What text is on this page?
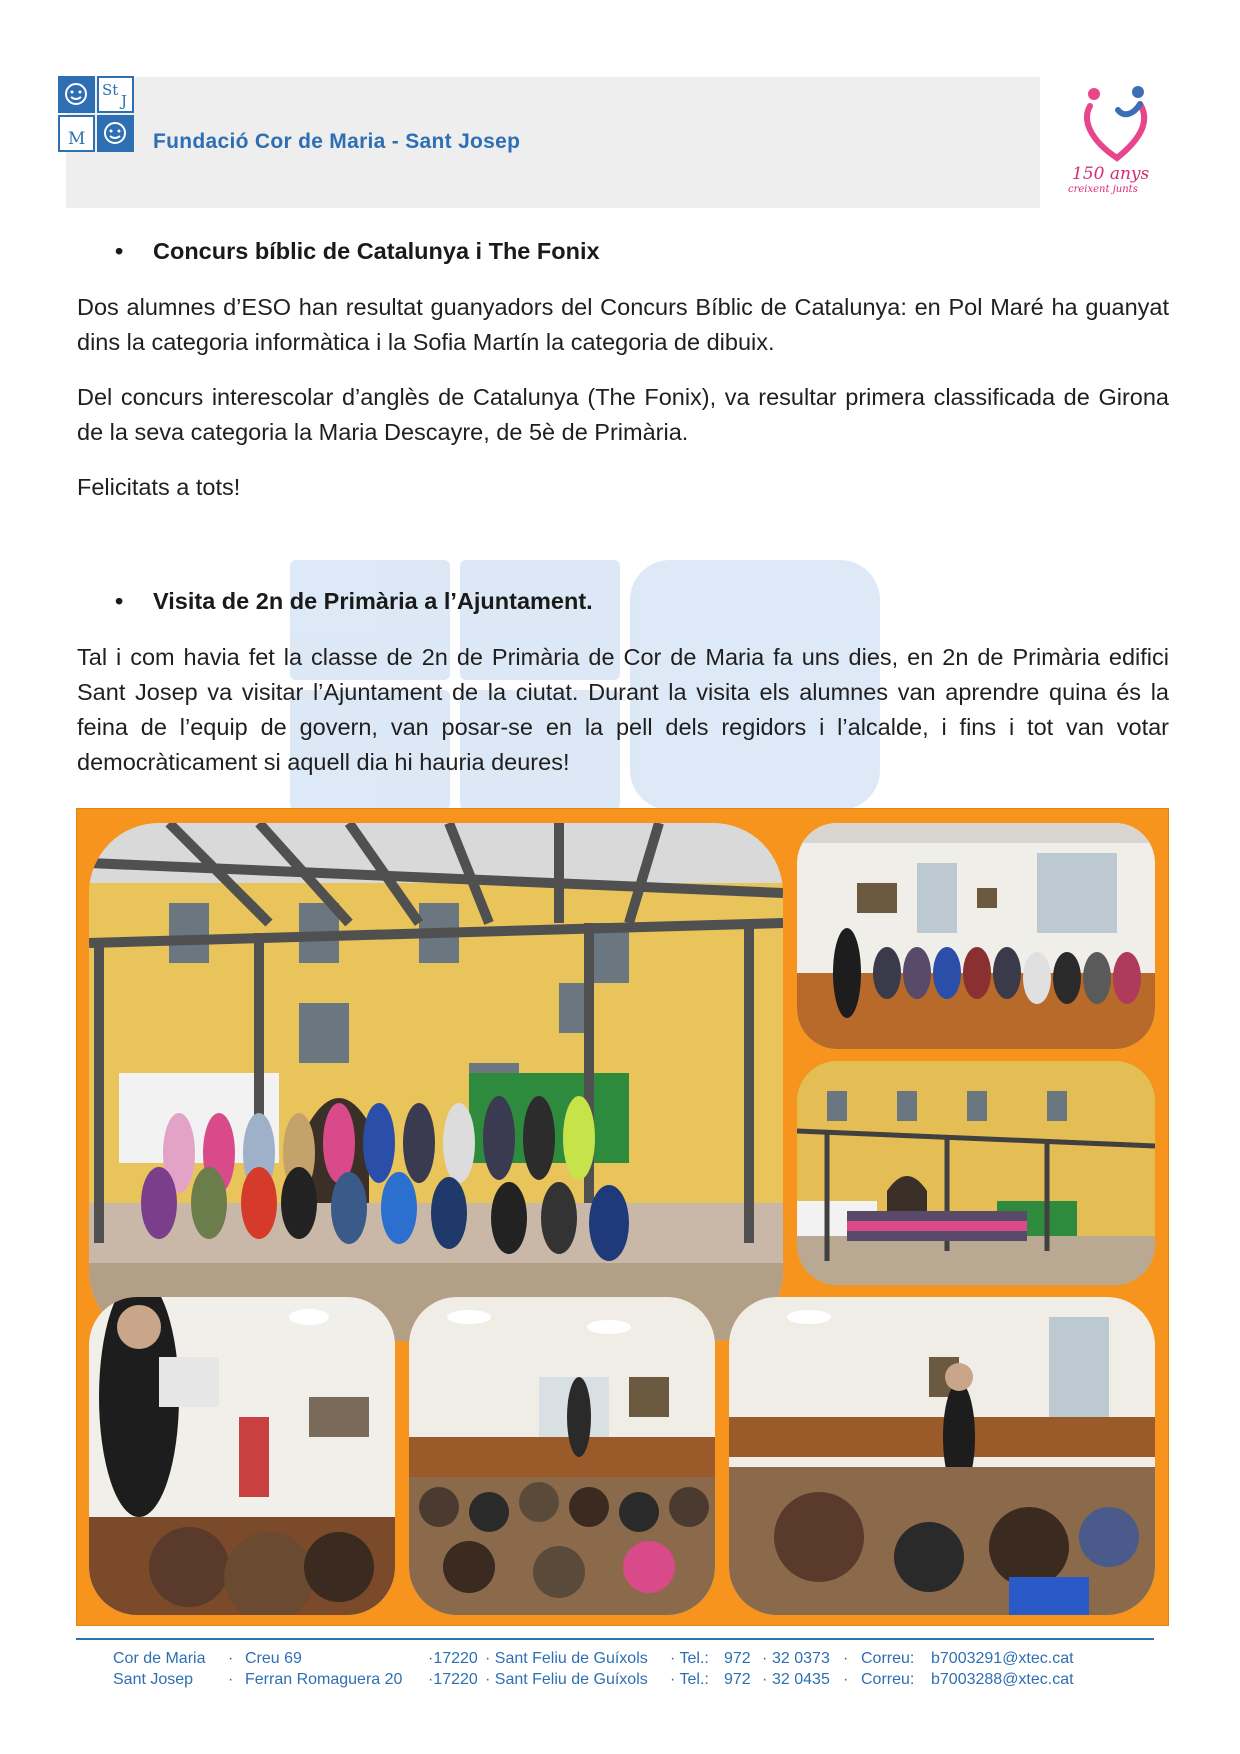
St
J
M	Fundació Cor de Maria - Sant Josep
150 anys
creixent junts
• Concurs bíblic de Catalunya i The Fonix
Dos alumnes d’ESO han resultat guanyadors del Concurs Bíblic de Catalunya: en Pol Maré ha guanyat dins la categoria informàtica i la Sofia Martín la categoria de dibuix.
Del concurs interescolar d’anglès de Catalunya (The Fonix), va resultar primera classificada de Girona de la seva categoria la Maria Descayre, de 5è de Primària.
Felicitats a tots!
• Visita de 2n de Primària a l’Ajuntament.
Tal i com havia fet la classe de 2n de Primària de Cor de Maria fa uns dies, en 2n de Primària edifici Sant Josep va visitar l’Ajuntament de la ciutat. Durant la visita els alumnes van aprendre quina és la feina de l’equip de govern, van posar-se en la pell dels regidors i l’alcalde, i fins i tot van votar democràticament si aquell dia hi hauria deures!
Cor de Maria · Creu 69	·17220 · Sant Feliu de Guíxols · Tel.: 972 · 32 0373 · Correu: b7003291@xtec.cat
Sant Josep · Ferran Romaguera 20 ·17220 · Sant Feliu de Guíxols · Tel.: 972 · 32 0435 · Correu: b7003288@xtec.cat
